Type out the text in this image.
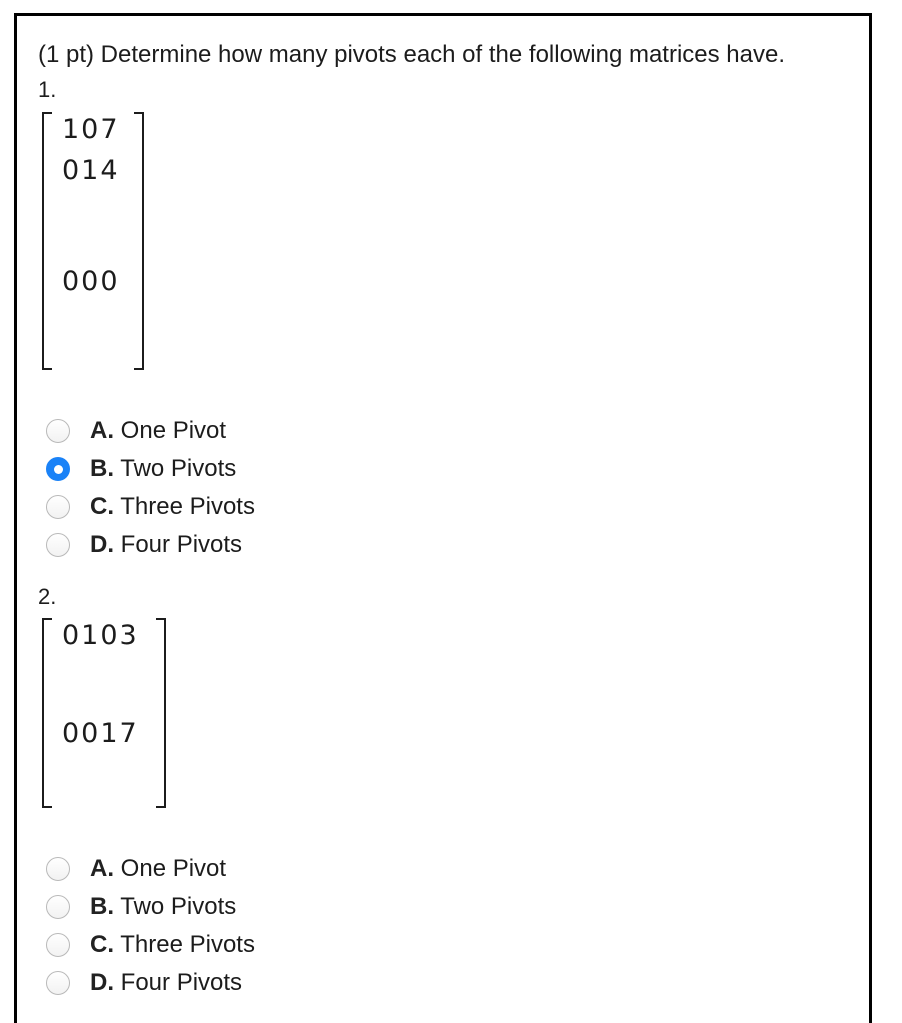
(1 pt) Determine how many pivots each of the following matrices have.
1.
107
014
000
A. One Pivot
B. Two Pivots
C. Three Pivots
D. Four Pivots
2.
0103
0017
A. One Pivot
B. Two Pivots
C. Three Pivots
D. Four Pivots
